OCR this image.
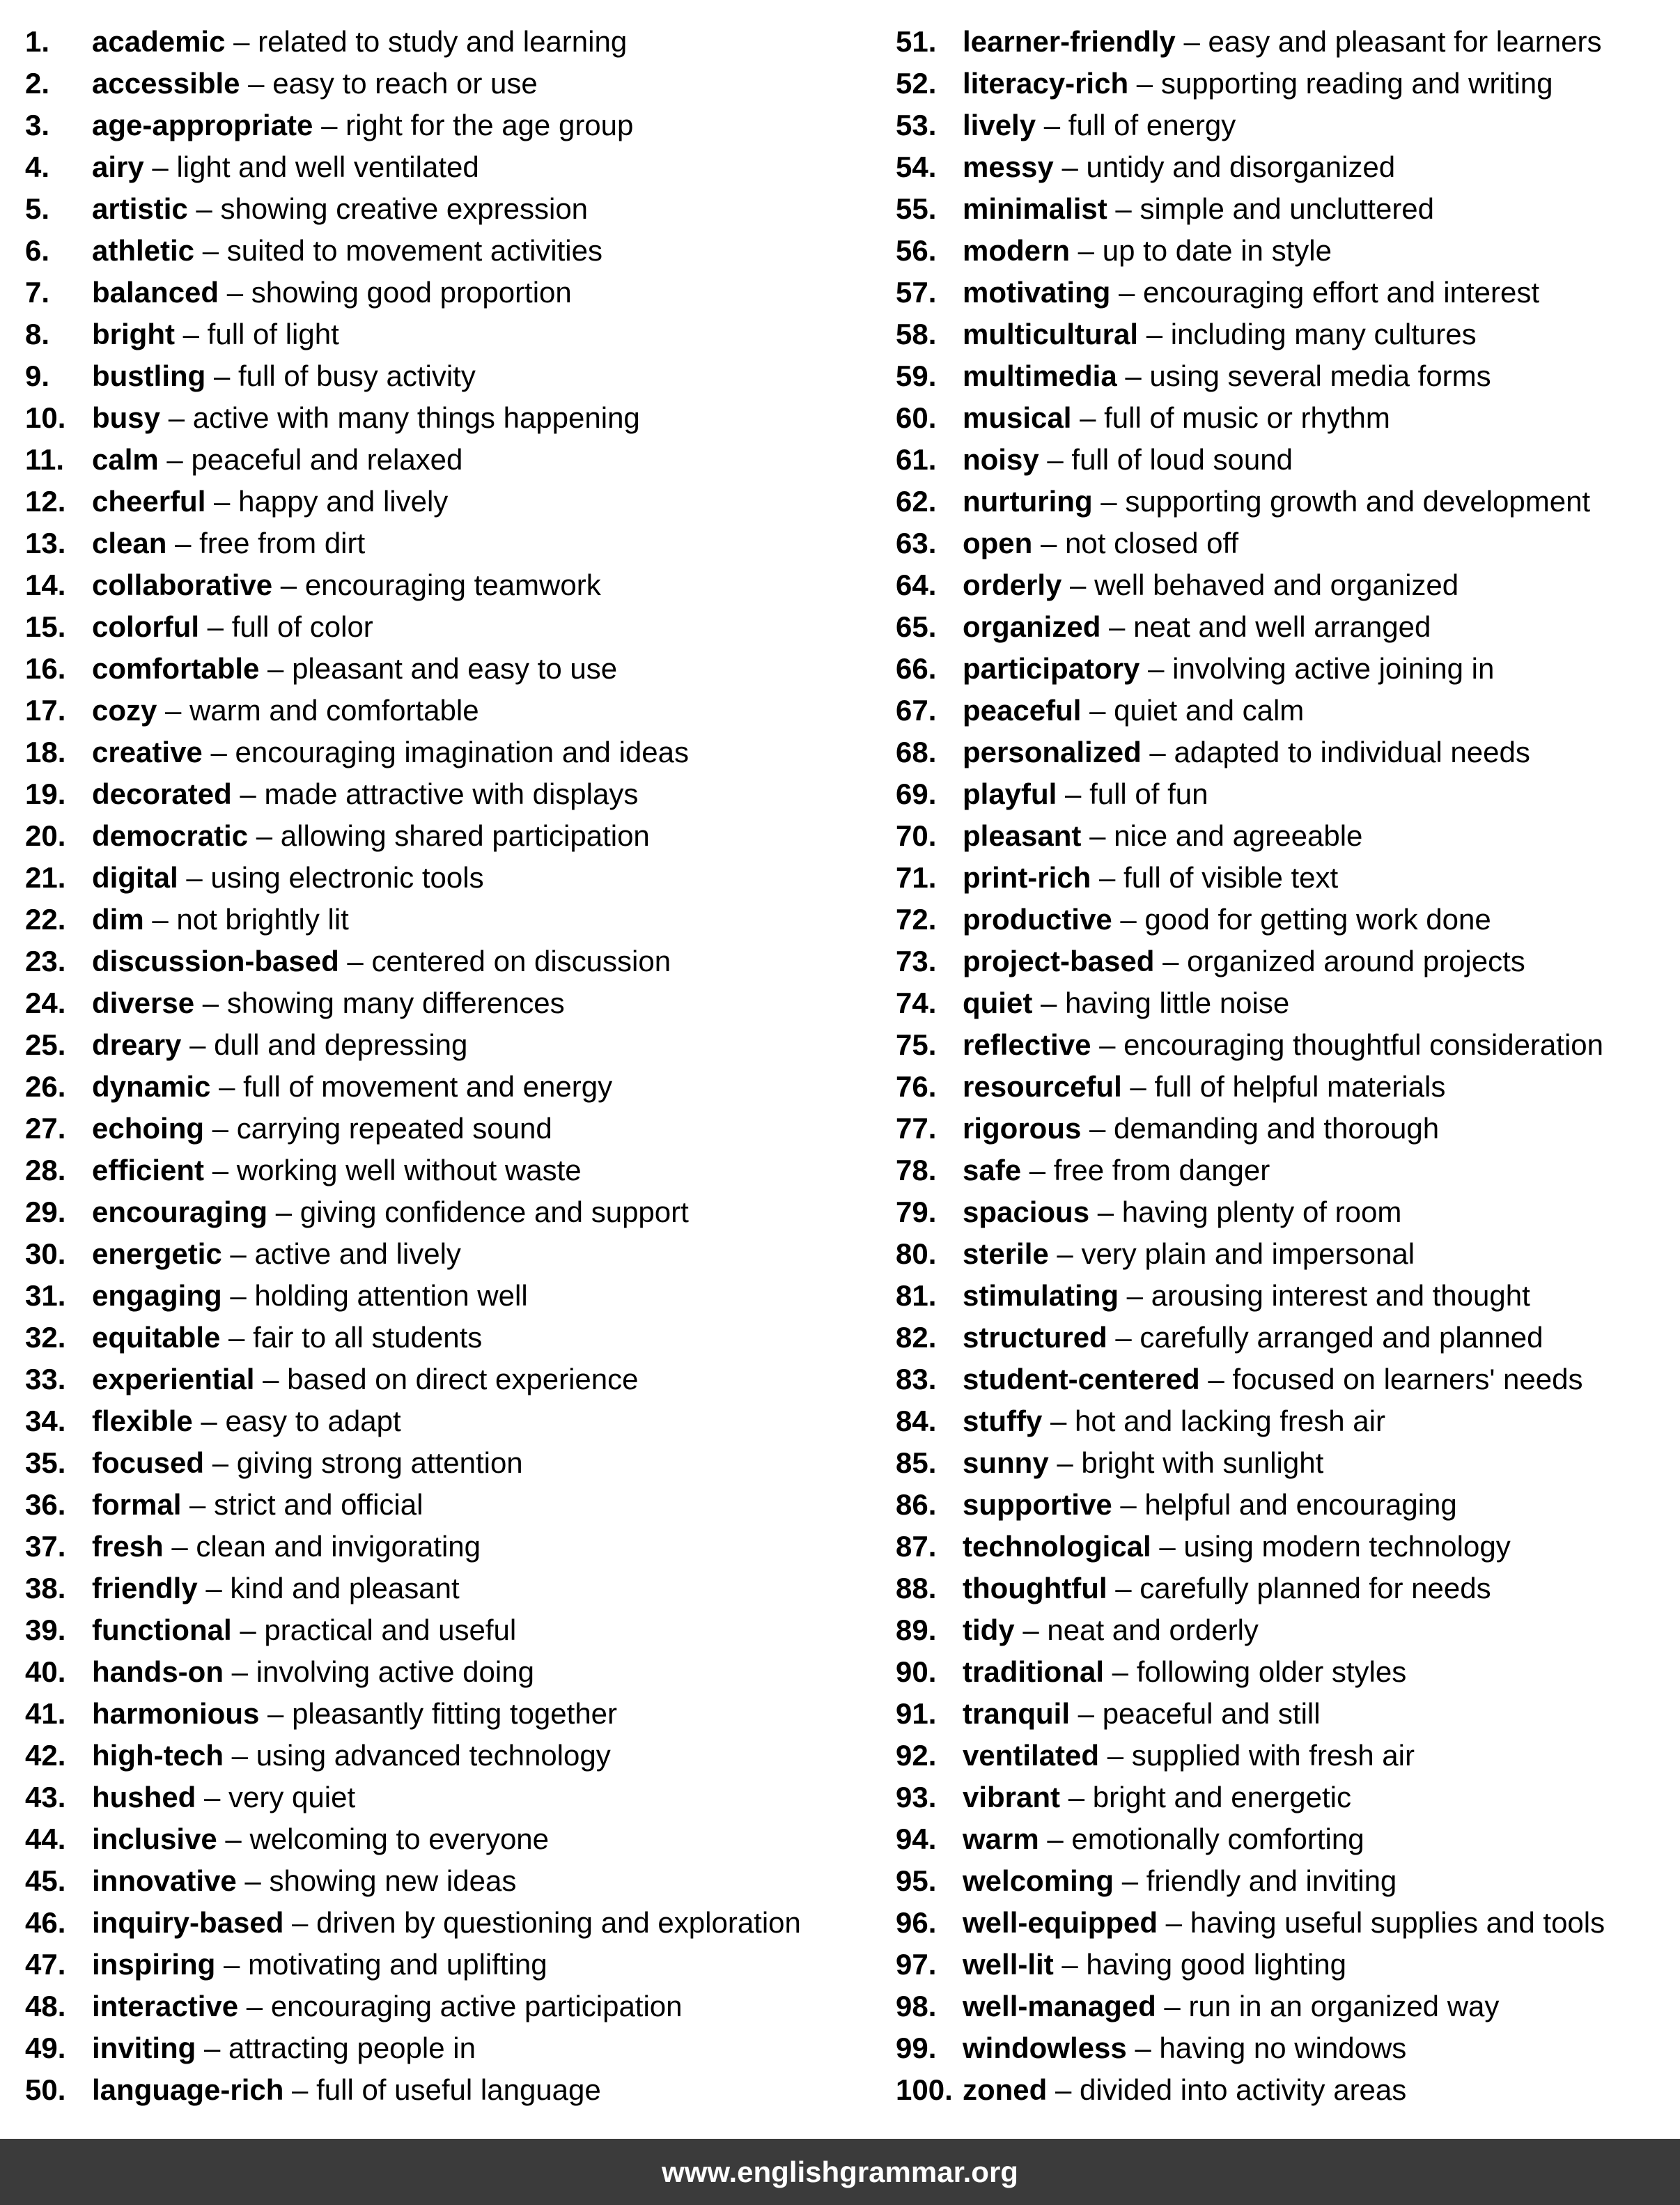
1.	academic – related to study and learning
2.	accessible – easy to reach or use
3.	age-appropriate – right for the age group
4.	airy – light and well ventilated
5.	artistic – showing creative expression
6.	athletic – suited to movement activities
7.	balanced – showing good proportion
8.	bright – full of light
9.	bustling – full of busy activity
10. busy – active with many things happening
11. calm – peaceful and relaxed
12. cheerful – happy and lively
13. clean – free from dirt
14. collaborative – encouraging teamwork
15. colorful – full of color
16. comfortable – pleasant and easy to use
17. cozy – warm and comfortable
18. creative – encouraging imagination and ideas
19. decorated – made attractive with displays
20. democratic – allowing shared participation
21. digital – using electronic tools
22. dim – not brightly lit
23. discussion-based – centered on discussion
24. diverse – showing many differences
25. dreary – dull and depressing
26. dynamic – full of movement and energy
27. echoing – carrying repeated sound
28. efficient – working well without waste
29. encouraging – giving confidence and support
30. energetic – active and lively
31. engaging – holding attention well
32. equitable – fair to all students
33. experiential – based on direct experience
34. flexible – easy to adapt
35. focused – giving strong attention
36. formal – strict and official
37. fresh – clean and invigorating
38. friendly – kind and pleasant
39. functional – practical and useful
40. hands-on – involving active doing
41. harmonious – pleasantly fitting together
42. high-tech – using advanced technology
43. hushed – very quiet
44. inclusive – welcoming to everyone
45. innovative – showing new ideas
46. inquiry-based – driven by questioning and exploration
47. inspiring – motivating and uplifting
48. interactive – encouraging active participation
49. inviting – attracting people in
50. language-rich – full of useful language
51. learner-friendly – easy and pleasant for learners
52. literacy-rich – supporting reading and writing
53. lively – full of energy
54. messy – untidy and disorganized
55. minimalist – simple and uncluttered
56. modern – up to date in style
57. motivating – encouraging effort and interest
58. multicultural – including many cultures
59. multimedia – using several media forms
60. musical – full of music or rhythm
61. noisy – full of loud sound
62. nurturing – supporting growth and development
63. open – not closed off
64. orderly – well behaved and organized
65. organized – neat and well arranged
66. participatory – involving active joining in
67. peaceful – quiet and calm
68. personalized – adapted to individual needs
69. playful – full of fun
70. pleasant – nice and agreeable
71. print-rich – full of visible text
72. productive – good for getting work done
73. project-based – organized around projects
74. quiet – having little noise
75. reflective – encouraging thoughtful consideration
76. resourceful – full of helpful materials
77. rigorous – demanding and thorough
78. safe – free from danger
79. spacious – having plenty of room
80. sterile – very plain and impersonal
81. stimulating – arousing interest and thought
82. structured – carefully arranged and planned
83. student-centered – focused on learners' needs
84. stuffy – hot and lacking fresh air
85. sunny – bright with sunlight
86. supportive – helpful and encouraging
87. technological – using modern technology
88. thoughtful – carefully planned for needs
89. tidy – neat and orderly
90. traditional – following older styles
91. tranquil – peaceful and still
92. ventilated – supplied with fresh air
93. vibrant – bright and energetic
94. warm – emotionally comforting
95. welcoming – friendly and inviting
96. well-equipped – having useful supplies and tools
97. well-lit – having good lighting
98. well-managed – run in an organized way
99. windowless – having no windows
100. zoned – divided into activity areas
www.englishgrammar.org
